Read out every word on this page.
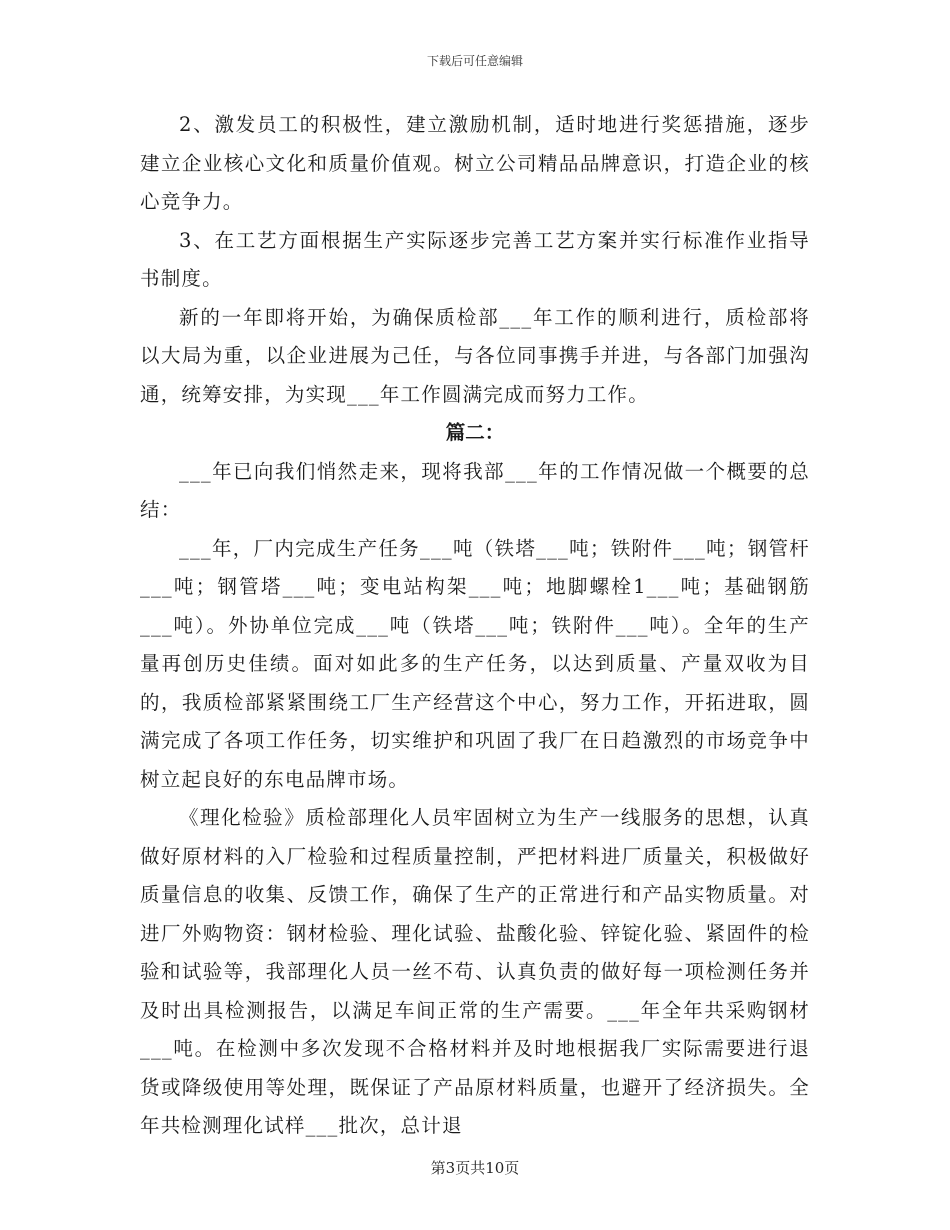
下载后可任意编辑

2、激发员工的积极性，建立激励机制，适时地进行奖惩措施，逐步建立企业核心文化和质量价值观。树立公司精品品牌意识，打造企业的核心竞争力。

3、在工艺方面根据生产实际逐步完善工艺方案并实行标准作业指导书制度。

新的一年即将开始，为确保质检部___年工作的顺利进行，质检部将以大局为重，以企业进展为己任，与各位同事携手并进，与各部门加强沟通，统筹安排，为实现___年工作圆满完成而努力工作。

篇二：

___年已向我们悄然走来，现将我部___年的工作情况做一个概要的总结：

___年，厂内完成生产任务___吨（铁塔___吨；铁附件___吨；钢管杆___吨；钢管塔___吨；变电站构架___吨；地脚螺栓1___吨；基础钢筋___吨）。外协单位完成___吨（铁塔___吨；铁附件___吨）。全年的生产量再创历史佳绩。面对如此多的生产任务，以达到质量、产量双收为目的，我质检部紧紧围绕工厂生产经营这个中心，努力工作，开拓进取，圆满完成了各项工作任务，切实维护和巩固了我厂在日趋激烈的市场竞争中树立起良好的东电品牌市场。

《理化检验》质检部理化人员牢固树立为生产一线服务的思想，认真做好原材料的入厂检验和过程质量控制，严把材料进厂质量关，积极做好质量信息的收集、反馈工作，确保了生产的正常进行和产品实物质量。对进厂外购物资：钢材检验、理化试验、盐酸化验、锌锭化验、紧固件的检验和试验等，我部理化人员一丝不苟、认真负责的做好每一项检测任务并及时出具检测报告，以满足车间正常的生产需要。___年全年共采购钢材___吨。在检测中多次发现不合格材料并及时地根据我厂实际需要进行退货或降级使用等处理，既保证了产品原材料质量，也避开了经济损失。全年共检测理化试样___批次，总计退

第3页共10页
